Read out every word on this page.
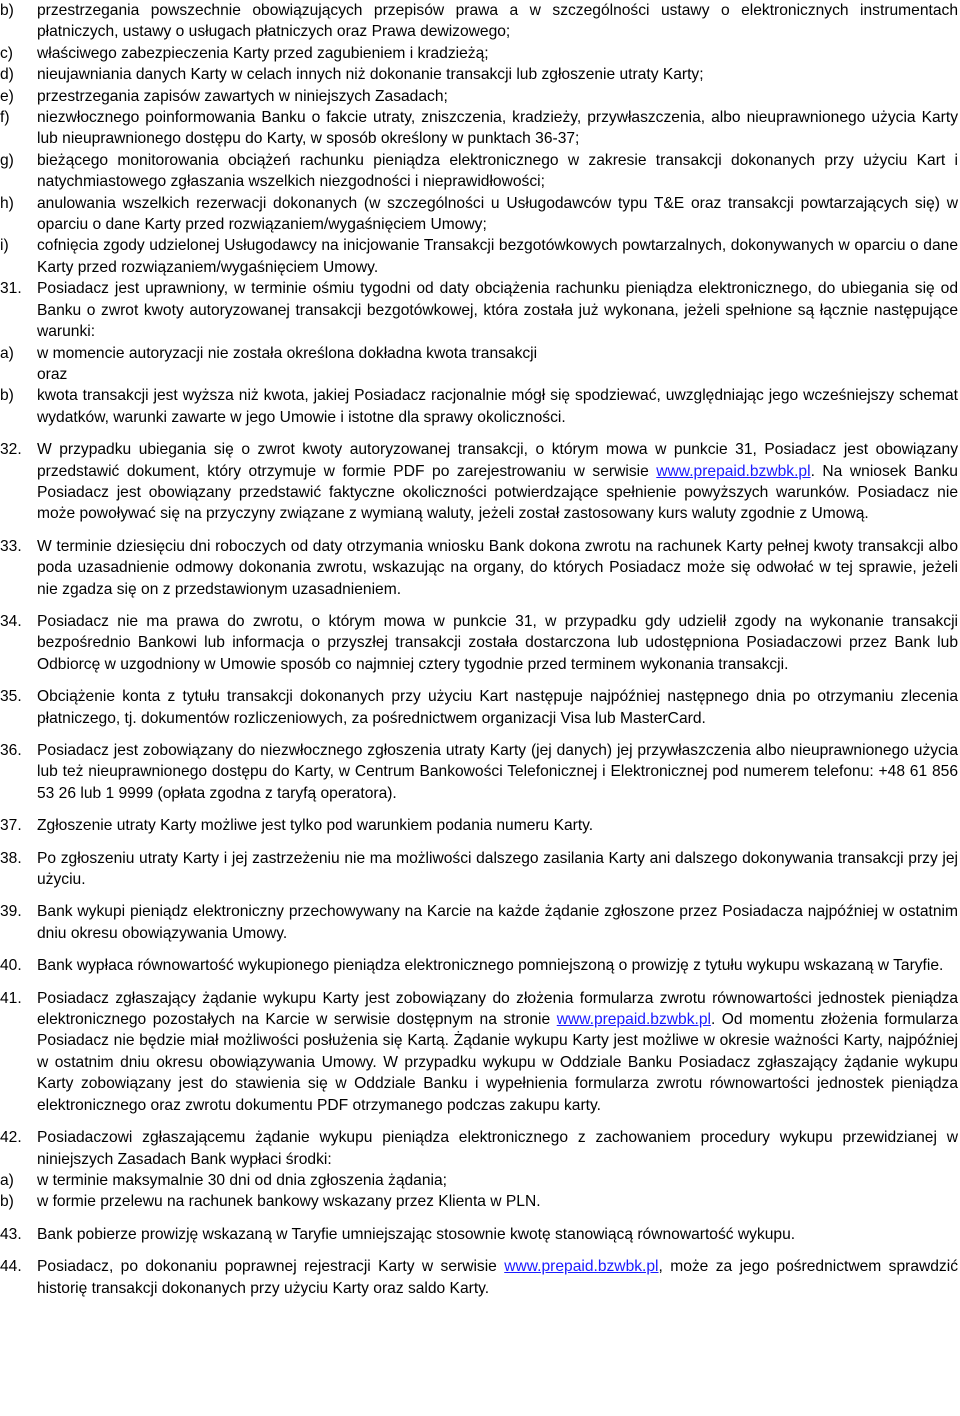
b)	przestrzegania powszechnie obowiązujących przepisów prawa a w szczególności ustawy o elektronicznych instrumentach płatniczych, ustawy o usługach płatniczych oraz Prawa dewizowego;
c)	właściwego zabezpieczenia Karty przed zagubieniem i kradzieżą;
d)	nieujawniania danych Karty w celach innych niż dokonanie transakcji lub zgłoszenie utraty Karty;
e)	przestrzegania zapisów zawartych w niniejszych Zasadach;
f)	niezwłocznego poinformowania Banku o fakcie utraty, zniszczenia, kradzieży, przywłaszczenia, albo nieuprawnionego użycia Karty lub nieuprawnionego dostępu do Karty, w sposób określony w punktach 36-37;
g)	bieżącego monitorowania obciążeń rachunku pieniądza elektronicznego w zakresie transakcji dokonanych przy użyciu Kart i natychmiastowego zgłaszania wszelkich niezgodności i nieprawidłowości;
h)	anulowania wszelkich rezerwacji dokonanych (w szczególności u Usługodawców typu T&E oraz transakcji powtarzających się) w oparciu o dane Karty przed rozwiązaniem/wygaśnięciem Umowy;
i)	cofnięcia zgody udzielonej Usługodawcy na inicjowanie Transakcji bezgotówkowych powtarzalnych, dokonywanych w oparciu o dane Karty przed rozwiązaniem/wygaśnięciem Umowy.
31. Posiadacz jest uprawniony, w terminie ośmiu tygodni od daty obciążenia rachunku pieniądza elektronicznego, do ubiegania się od Banku o zwrot kwoty autoryzowanej transakcji bezgotówkowej, która została już wykonana, jeżeli spełnione są łącznie następujące warunki:
a)	w momencie autoryzacji nie została określona dokładna kwota transakcji
oraz
b)	kwota transakcji jest wyższa niż kwota, jakiej Posiadacz racjonalnie mógł się spodziewać, uwzględniając jego wcześniejszy schemat wydatków, warunki zawarte w jego Umowie i istotne dla sprawy okoliczności.
32. W przypadku ubiegania się o zwrot kwoty autoryzowanej transakcji, o którym mowa w punkcie 31, Posiadacz jest obowiązany przedstawić dokument, który otrzymuje w formie PDF po zarejestrowaniu w serwisie www.prepaid.bzwbk.pl. Na wniosek Banku Posiadacz jest obowiązany przedstawić faktyczne okoliczności potwierdzające spełnienie powyższych warunków. Posiadacz nie może powoływać się na przyczyny związane z wymianą waluty, jeżeli został zastosowany kurs waluty zgodnie z Umową.
33. W terminie dziesięciu dni roboczych od daty otrzymania wniosku Bank dokona zwrotu na rachunek Karty pełnej kwoty transakcji albo poda uzasadnienie odmowy dokonania zwrotu, wskazując na organy, do których Posiadacz może się odwołać w tej sprawie, jeżeli nie zgadza się on z przedstawionym uzasadnieniem.
34. Posiadacz nie ma prawa do zwrotu, o którym mowa w punkcie 31, w przypadku gdy udzielił zgody na wykonanie transakcji bezpośrednio Bankowi lub informacja o przyszłej transakcji została dostarczona lub udostępniona Posiadaczowi przez Bank lub Odbiorcę w uzgodniony w Umowie sposób co najmniej cztery tygodnie przed terminem wykonania transakcji.
35. Obciążenie konta z tytułu transakcji dokonanych przy użyciu Kart następuje najpóźniej następnego dnia po otrzymaniu zlecenia płatniczego, tj. dokumentów rozliczeniowych, za pośrednictwem organizacji Visa lub MasterCard.
36. Posiadacz jest zobowiązany do niezwłocznego zgłoszenia utraty Karty (jej danych) jej przywłaszczenia albo nieuprawnionego użycia lub też nieuprawnionego dostępu do Karty, w Centrum Bankowości Telefonicznej i Elektronicznej pod numerem telefonu: +48 61 856 53 26 lub 1 9999 (opłata zgodna z taryfą operatora).
37. Zgłoszenie utraty Karty możliwe jest tylko pod warunkiem podania numeru Karty.
38. Po zgłoszeniu utraty Karty i jej zastrzeżeniu nie ma możliwości dalszego zasilania Karty ani dalszego dokonywania transakcji przy jej użyciu.
39. Bank wykupi pieniądz elektroniczny przechowywany na Karcie na każde żądanie zgłoszone przez Posiadacza najpóźniej w ostatnim dniu okresu obowiązywania Umowy.
40. Bank wypłaca równowartość wykupionego pieniądza elektronicznego pomniejszoną o prowizję z tytułu wykupu wskazaną w Taryfie.
41. Posiadacz zgłaszający żądanie wykupu Karty jest zobowiązany do złożenia formularza zwrotu równowartości jednostek pieniądza elektronicznego pozostałych na Karcie w serwisie dostępnym na stronie www.prepaid.bzwbk.pl. Od momentu złożenia formularza Posiadacz nie będzie miał możliwości posłużenia się Kartą. Żądanie wykupu Karty jest możliwe w okresie ważności Karty, najpóźniej w ostatnim dniu okresu obowiązywania Umowy. W przypadku wykupu w Oddziale Banku Posiadacz zgłaszający żądanie wykupu Karty zobowiązany jest do stawienia się w Oddziale Banku i wypełnienia formularza zwrotu równowartości jednostek pieniądza elektronicznego oraz zwrotu dokumentu PDF otrzymanego podczas zakupu karty.
42. Posiadaczowi zgłaszającemu żądanie wykupu pieniądza elektronicznego z zachowaniem procedury wykupu przewidzianej w niniejszych Zasadach Bank wypłaci środki:
a)	w terminie maksymalnie 30 dni od dnia zgłoszenia żądania;
b)	w formie przelewu na rachunek bankowy wskazany przez Klienta w PLN.
43. Bank pobierze prowizję wskazaną w Taryfie umniejszając stosownie kwotę stanowiącą równowartość wykupu.
44. Posiadacz, po dokonaniu poprawnej rejestracji Karty w serwisie www.prepaid.bzwbk.pl, może za jego pośrednictwem sprawdzić historię transakcji dokonanych przy użyciu Karty oraz saldo Karty.
